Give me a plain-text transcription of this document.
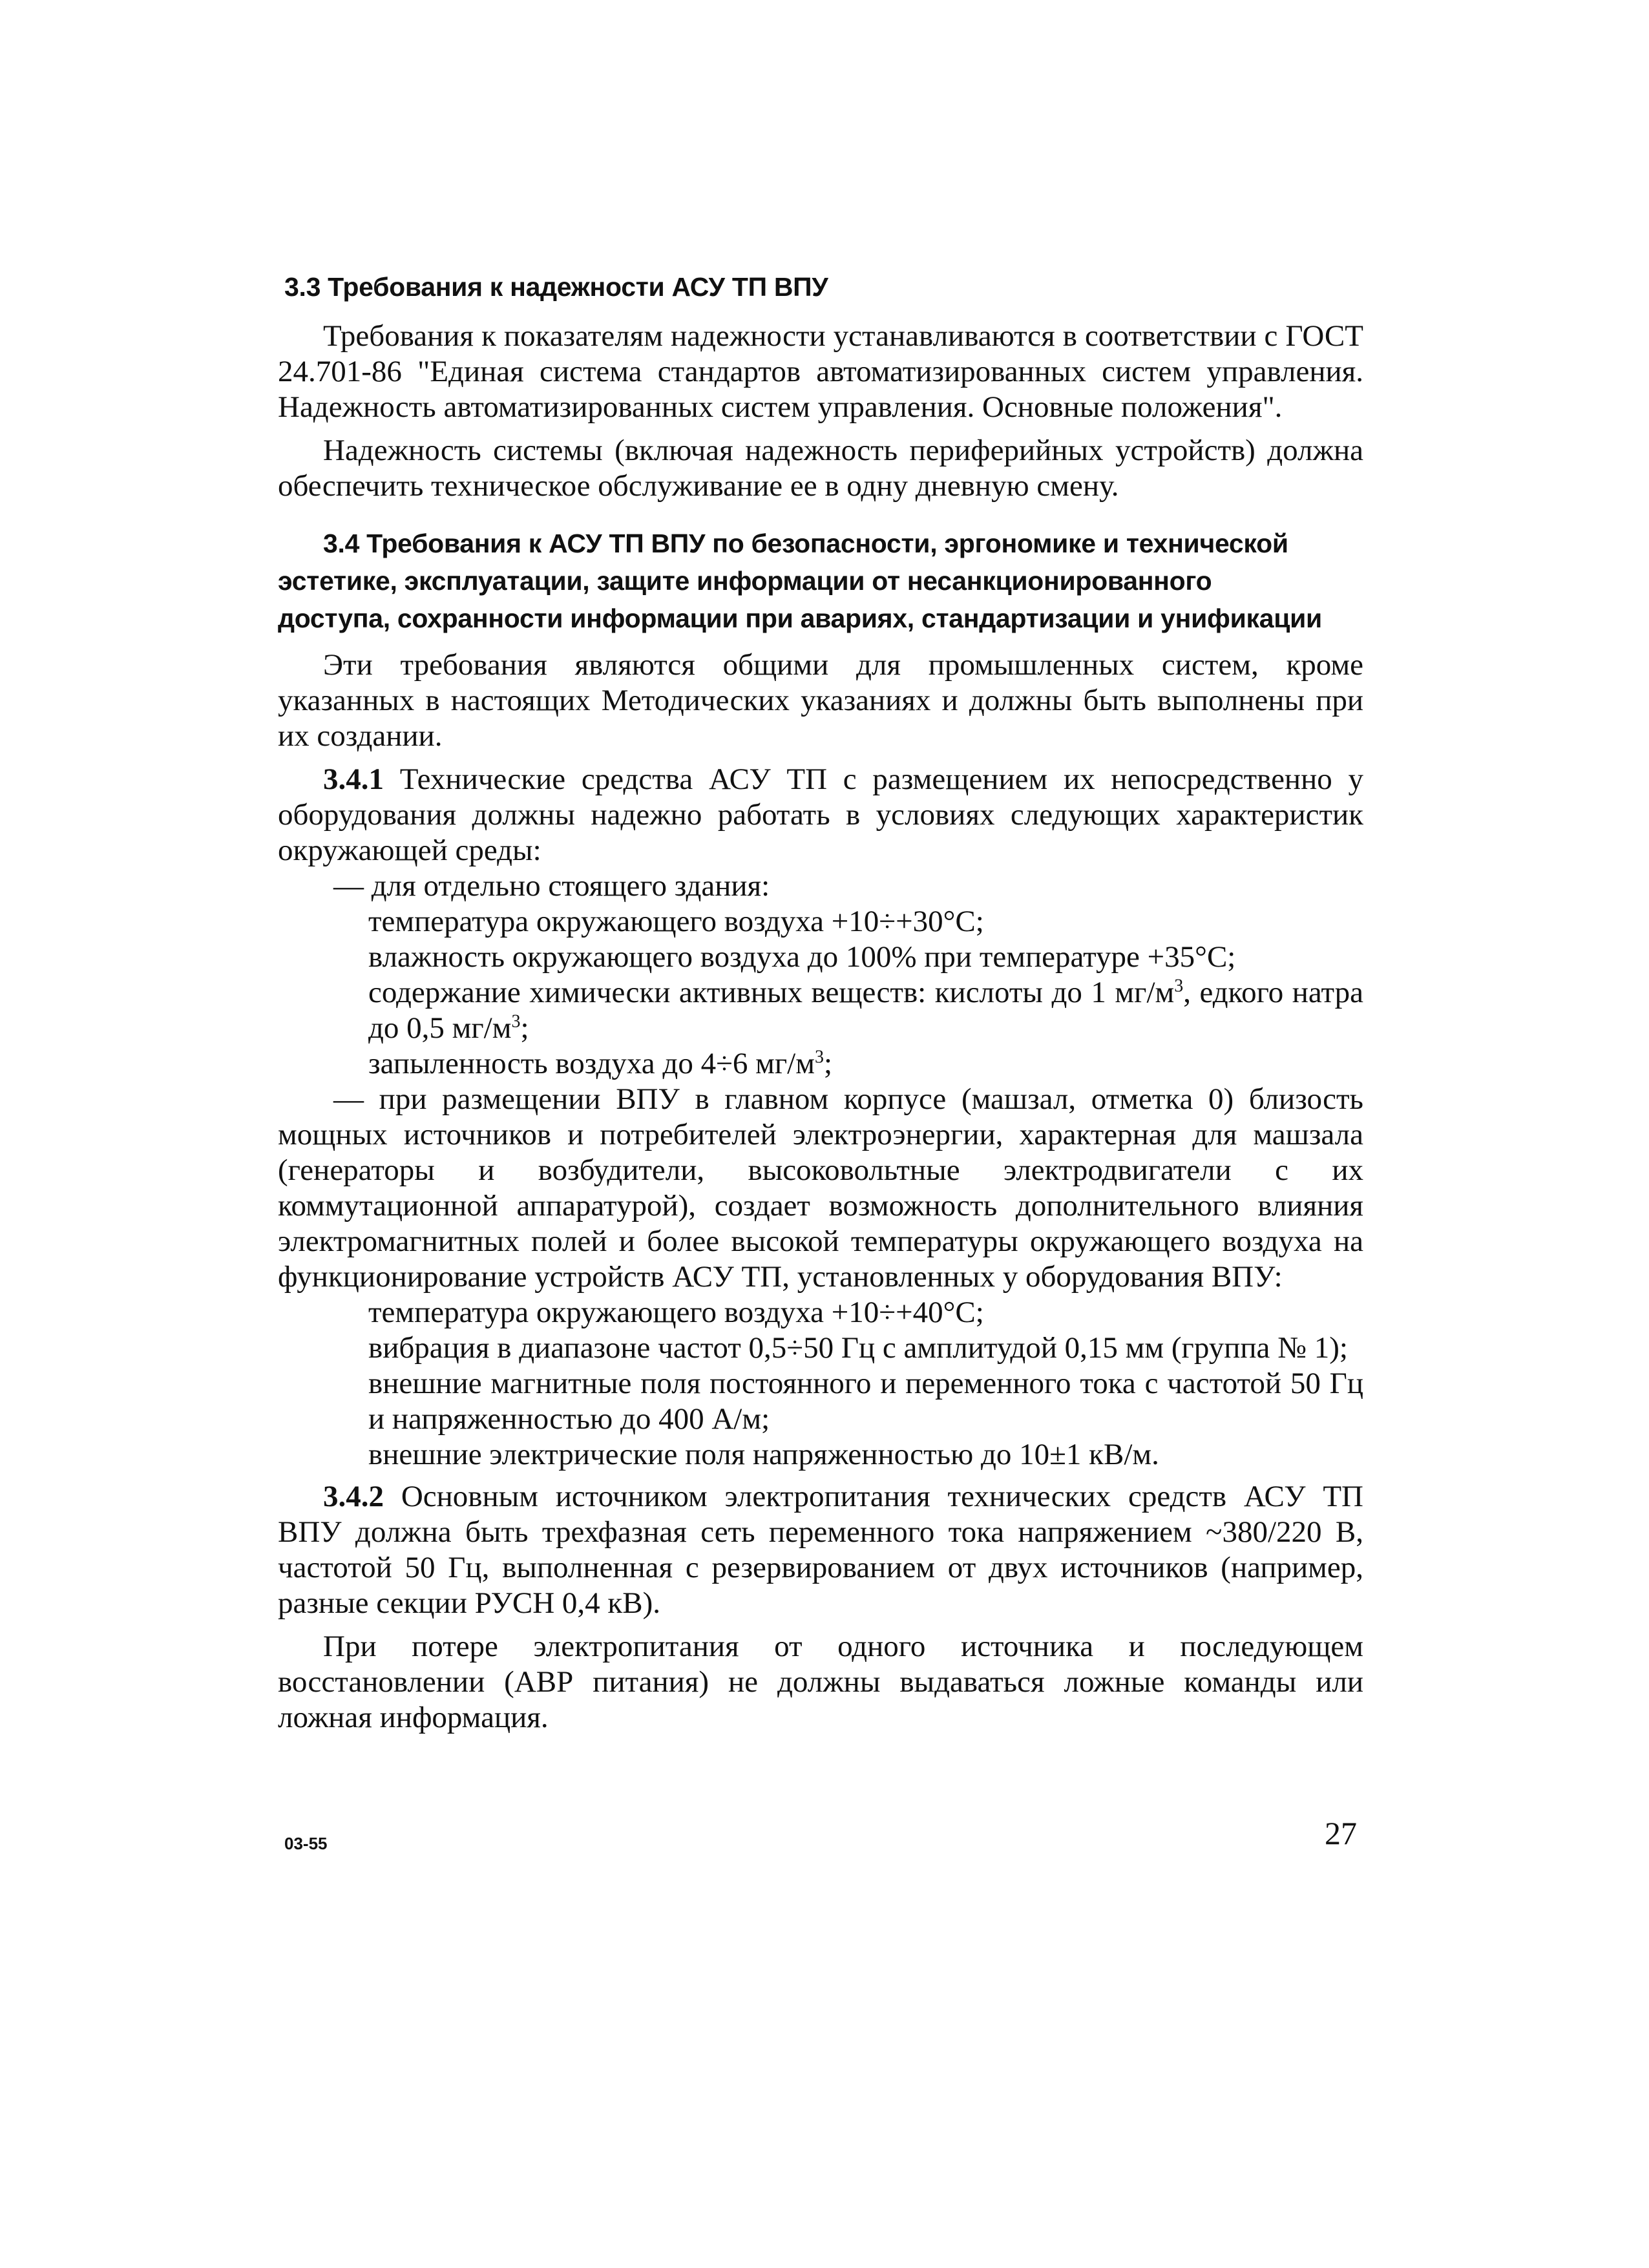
3.3 Требования к надежности АСУ ТП ВПУ

Требования к показателям надежности устанавливаются в соответствии с ГОСТ 24.701-86 "Единая система стандартов автоматизированных систем управления. Надежность автоматизированных систем управления. Основные положения".

Надежность системы (включая надежность периферийных устройств) должна обеспечить техническое обслуживание ее в одну дневную смену.

3.4 Требования к АСУ ТП ВПУ по безопасности, эргономике и технической
эстетике, эксплуатации, защите информации от несанкционированного
доступа, сохранности информации при авариях, стандартизации и унификации

Эти требования являются общими для промышленных систем, кроме указанных в настоящих Методических указаниях и должны быть выполнены при их создании.

3.4.1 Технические средства АСУ ТП с размещением их непосредственно у оборудования должны надежно работать в условиях следующих характеристик окружающей среды:

— для отдельно стоящего здания:

температура окружающего воздуха +10÷+30°С;

влажность окружающего воздуха до 100% при температуре +35°С;

содержание химически активных веществ: кислоты до 1 $мг/м^3$, едкого натра до 0,5 $мг/м^3$;

запыленность воздуха до 4÷6 $мг/м^3$;

— при размещении ВПУ в главном корпусе (машзал, отметка 0) близость мощных источников и потребителей электроэнергии, характерная для машзала (генераторы и возбудители, высоковольтные электродвигатели с их коммутационной аппаратурой), создает возможность дополнительного влияния электромагнитных полей и более высокой температуры окружающего воздуха на функционирование устройств АСУ ТП, установленных у оборудования ВПУ:

температура окружающего воздуха +10÷+40°С;

вибрация в диапазоне частот 0,5÷50 Гц с амплитудой 0,15 мм (группа № 1);

внешние магнитные поля постоянного и переменного тока с частотой 50 Гц и напряженностью до 400 А/м;

внешние электрические поля напряженностью до 10±1 кВ/м.

3.4.2 Основным источником электропитания технических средств АСУ ТП ВПУ должна быть трехфазная сеть переменного тока напряжением ~380/220 В, частотой 50 Гц, выполненная с резервированием от двух источников (например, разные секции РУСН 0,4 кВ).

При потере электропитания от одного источника и последующем восстановлении (АВР питания) не должны выдаваться ложные команды или ложная информация.

03-55	27
